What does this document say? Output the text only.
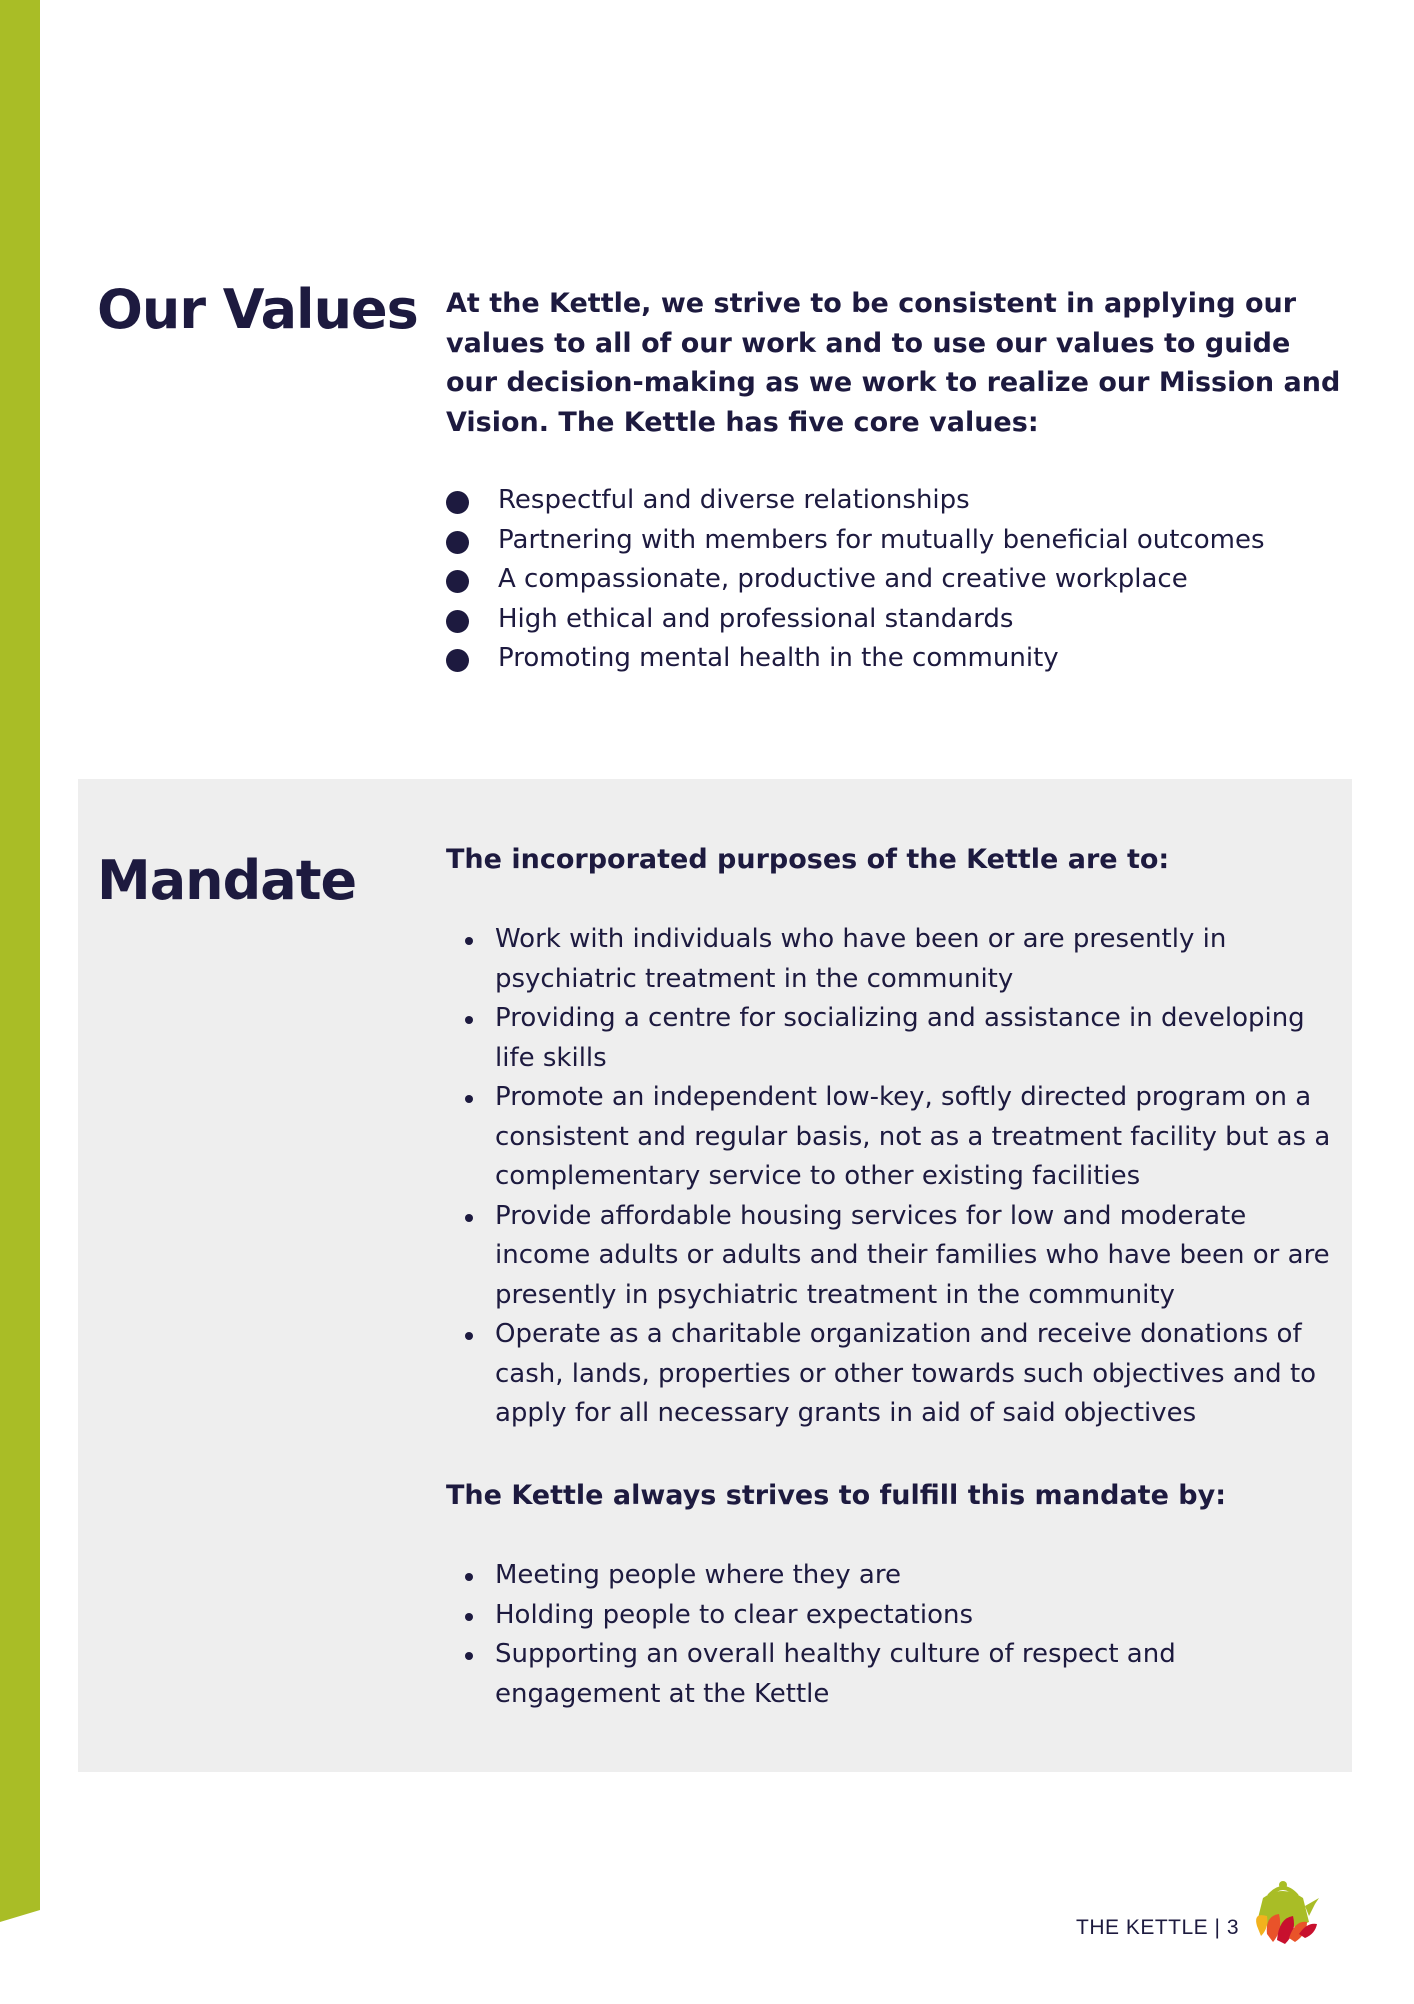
Our Values At the Kettle, we strive to be consistent in applying our values to all of our work and to use our values to guide our decision-making as we work to realize our Mission and Vision. The Kettle has five core values:

Respectful and diverse relationships
Partnering with members for mutually beneficial outcomes
A compassionate, productive and creative workplace
High ethical and professional standards
Promoting mental health in the community
Mandate	The incorporated purposes of the Kettle are to:

Work with individuals who have been or are presently in psychiatric treatment in the community
Providing a centre for socializing and assistance in developing life skills
Promote an independent low-key, softly directed program on a consistent and regular basis, not as a treatment facility but as a complementary service to other existing facilities
Provide affordable housing services for low and moderate income adults or adults and their families who have been or are presently in psychiatric treatment in the community
Operate as a charitable organization and receive donations of cash, lands, properties or other towards such objectives and to apply for all necessary grants in aid of said objectives

The Kettle always strives to fulfill this mandate by:

Meeting people where they are
Holding people to clear expectations
Supporting an overall healthy culture of respect and engagement at the Kettle
THE KETTLE | 3
